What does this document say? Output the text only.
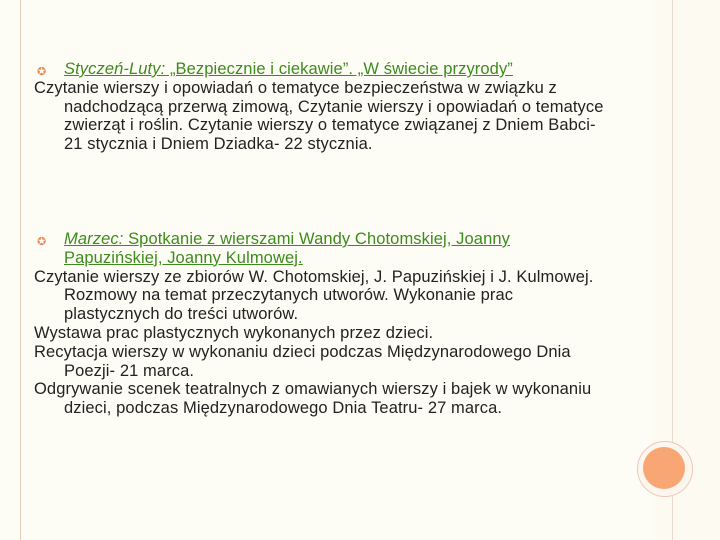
✪ Styczeń-Luty: „Bezpiecznie i ciekawie”. „W świecie przyrody”

Czytanie wierszy i opowiadań o tematyce bezpieczeństwa w związku z nadchodzącą przerwą zimową, Czytanie wierszy i opowiadań o tematyce zwierząt i roślin. Czytanie wierszy o tematyce związanej z Dniem Babci- 21 stycznia i Dniem Dziadka- 22 stycznia.

✪ Marzec: Spotkanie z wierszami Wandy Chotomskiej, Joanny Papuzińskiej, Joanny Kulmowej.

Czytanie wierszy ze zbiorów W. Chotomskiej, J. Papuzińskiej i J. Kulmowej. Rozmowy na temat przeczytanych utworów. Wykonanie prac plastycznych do treści utworów.

Wystawa prac plastycznych wykonanych przez dzieci.

Recytacja wierszy w wykonaniu dzieci podczas Międzynarodowego Dnia Poezji- 21 marca.

Odgrywanie scenek teatralnych z omawianych wierszy i bajek w wykonaniu dzieci, podczas Międzynarodowego Dnia Teatru- 27 marca.
